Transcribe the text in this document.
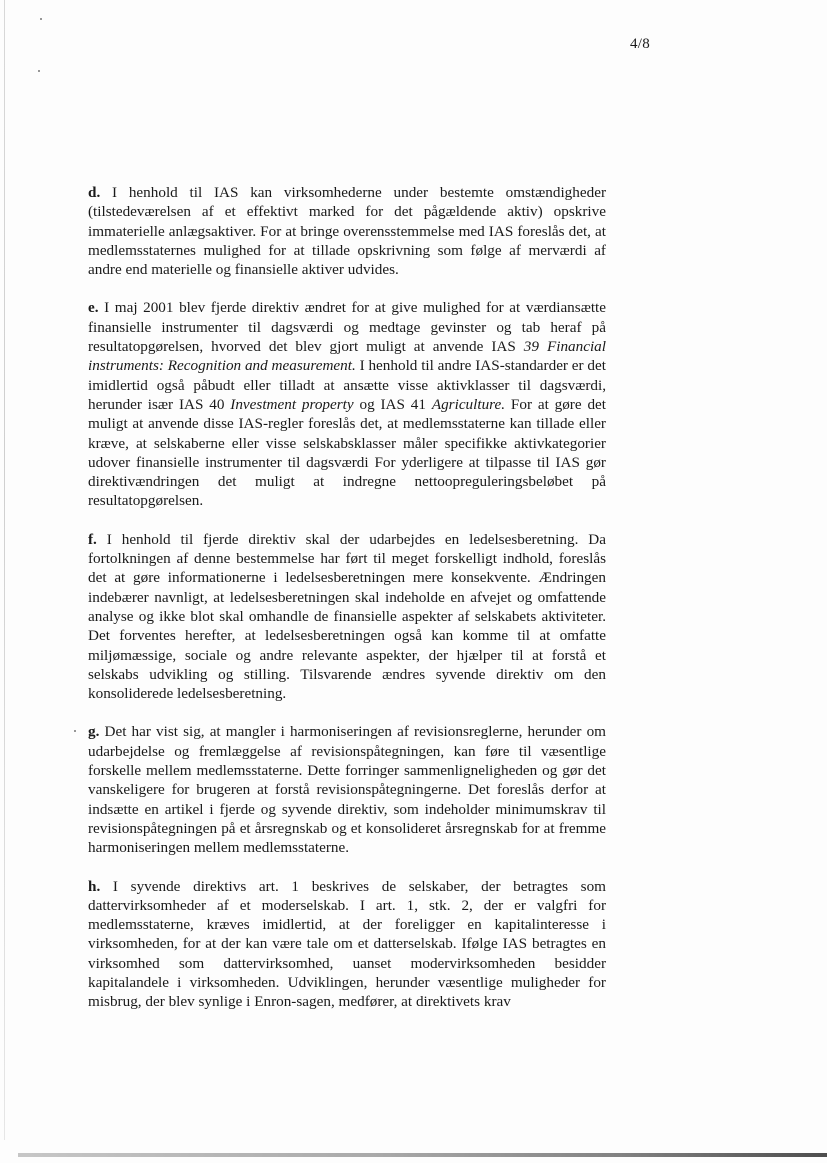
4/8

d. I henhold til IAS kan virksomhederne under bestemte omstændigheder (tilstedeværelsen af et effektivt marked for det pågældende aktiv) opskrive immaterielle anlægsaktiver. For at bringe overensstemmelse med IAS foreslås det, at medlemsstaternes mulighed for at tillade opskrivning som følge af merværdi af andre end materielle og finansielle aktiver udvides.

e. I maj 2001 blev fjerde direktiv ændret for at give mulighed for at værdiansætte finansielle instrumenter til dagsværdi og medtage gevinster og tab heraf på resultatopgørelsen, hvorved det blev gjort muligt at anvende IAS 39 Financial instruments: Recognition and measurement. I henhold til andre IAS-standarder er det imidlertid også påbudt eller tilladt at ansætte visse aktivklasser til dagsværdi, herunder især IAS 40 Investment property og IAS 41 Agriculture. For at gøre det muligt at anvende disse IAS-regler foreslås det, at medlemsstaterne kan tillade eller kræve, at selskaberne eller visse selskabsklasser måler specifikke aktivkategorier udover finansielle instrumenter til dagsværdi For yderligere at tilpasse til IAS gør direktivændringen det muligt at indregne nettoopreguleringsbeløbet på resultatopgørelsen.

f. I henhold til fjerde direktiv skal der udarbejdes en ledelsesberetning. Da fortolkningen af denne bestemmelse har ført til meget forskelligt indhold, foreslås det at gøre informationerne i ledelsesberetningen mere konsekvente. Ændringen indebærer navnligt, at ledelsesberetningen skal indeholde en afvejet og omfattende analyse og ikke blot skal omhandle de finansielle aspekter af selskabets aktiviteter. Det forventes herefter, at ledelsesberetningen også kan komme til at omfatte miljømæssige, sociale og andre relevante aspekter, der hjælper til at forstå et selskabs udvikling og stilling. Tilsvarende ændres syvende direktiv om den konsoliderede ledelsesberetning.

g. Det har vist sig, at mangler i harmoniseringen af revisionsreglerne, herunder om udarbejdelse og fremlæggelse af revisionspåtegningen, kan føre til væsentlige forskelle mellem medlemsstaterne. Dette forringer sammenligneligheden og gør det vanskeligere for brugeren at forstå revisionspåtegningerne. Det foreslås derfor at indsætte en artikel i fjerde og syvende direktiv, som indeholder minimumskrav til revisionspåtegningen på et årsregnskab og et konsolideret årsregnskab for at fremme harmoniseringen mellem medlemsstaterne.

h. I syvende direktivs art. 1 beskrives de selskaber, der betragtes som dattervirksomheder af et moderselskab. I art. 1, stk. 2, der er valgfri for medlemsstaterne, kræves imidlertid, at der foreligger en kapitalinteresse i virksomheden, for at der kan være tale om et datterselskab. Ifølge IAS betragtes en virksomhed som dattervirksomhed, uanset modervirksomheden besidder kapitalandele i virksomheden. Udviklingen, herunder væsentlige muligheder for misbrug, der blev synlige i Enron-sagen, medfører, at direktivets krav
